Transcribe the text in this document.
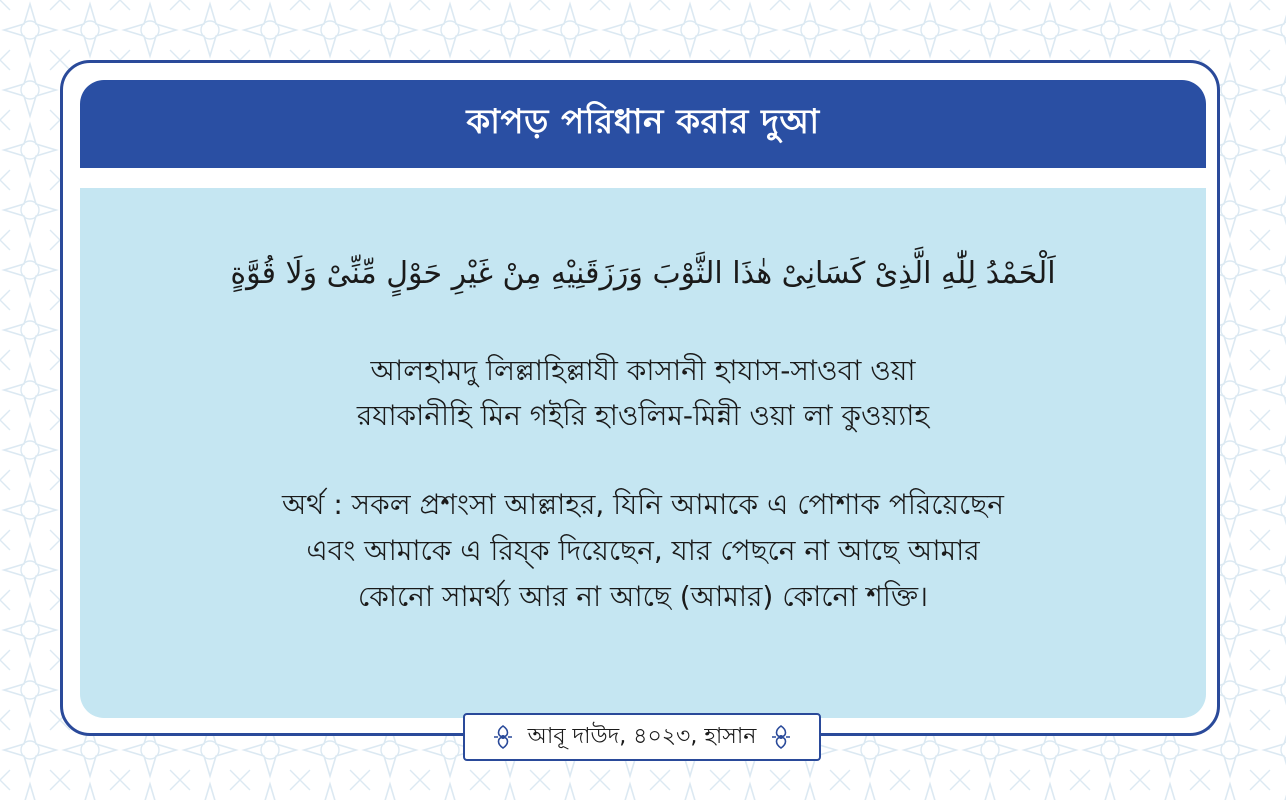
কাপড় পরিধান করার দুআ
اَلْحَمْدُ لِلّٰهِ الَّذِىْ كَسَانِىْ هٰذَا الثَّوْبَ وَرَزَقَنِيْهِ مِنْ غَيْرِ حَوْلٍ مِّنِّىْ وَلَا قُوَّةٍ
আলহামদু লিল্লাহিল্লাযী কাসানী হাযাস-সাওবা ওয়া
রযাকানীহি মিন গইরি হাওলিম-মিন্নী ওয়া লা কুওয়্যাহ
অর্থ : সকল প্রশংসা আল্লাহর, যিনি আমাকে এ পোশাক পরিয়েছেন
এবং আমাকে এ রিয্ক দিয়েছেন, যার পেছনে না আছে আমার
কোনো সামর্থ্য আর না আছে (আমার) কোনো শক্তি।
আবূ দাউদ, ৪০২৩, হাসান
